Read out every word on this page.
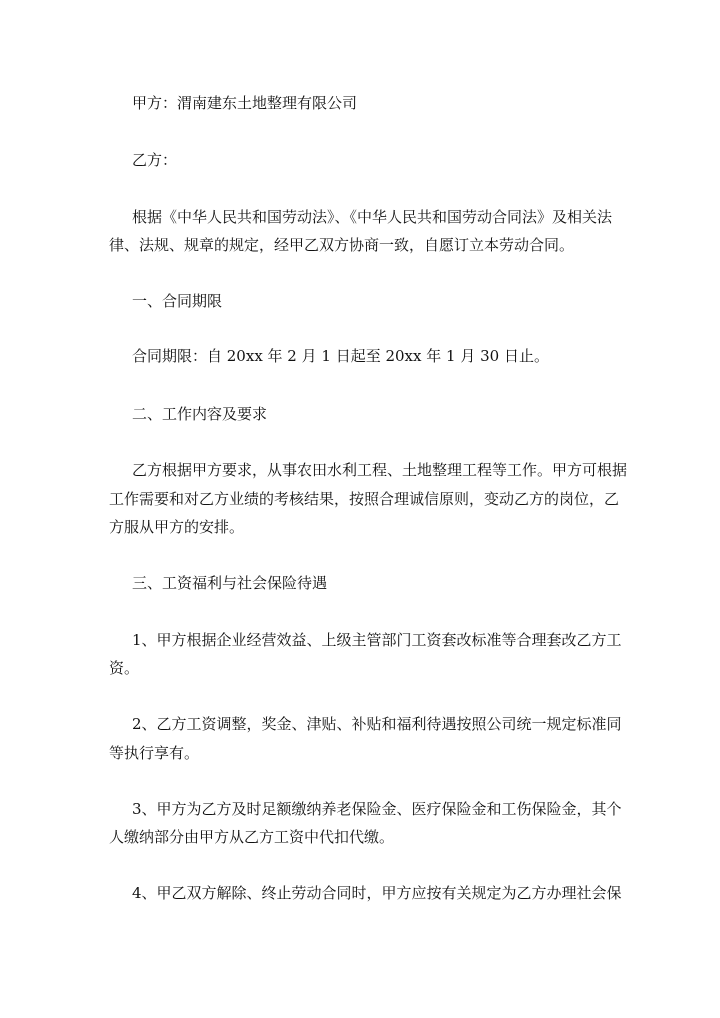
甲方：渭南建东土地整理有限公司
乙方：
根据《中华人民共和国劳动法》、《中华人民共和国劳动合同法》及相关法
律、法规、规章的规定，经甲乙双方协商一致，自愿订立本劳动合同。
一、合同期限
合同期限：自 20xx 年 2 月 1 日起至 20xx 年 1 月 30 日止。
二、工作内容及要求
乙方根据甲方要求，从事农田水利工程、土地整理工程等工作。甲方可根据
工作需要和对乙方业绩的考核结果，按照合理诚信原则，变动乙方的岗位，乙
方服从甲方的安排。
三、工资福利与社会保险待遇
1、甲方根据企业经营效益、上级主管部门工资套改标准等合理套改乙方工
资。
2、乙方工资调整，奖金、津贴、补贴和福利待遇按照公司统一规定标准同
等执行享有。
3、甲方为乙方及时足额缴纳养老保险金、医疗保险金和工伤保险金，其个
人缴纳部分由甲方从乙方工资中代扣代缴。
4、甲乙双方解除、终止劳动合同时，甲方应按有关规定为乙方办理社会保
